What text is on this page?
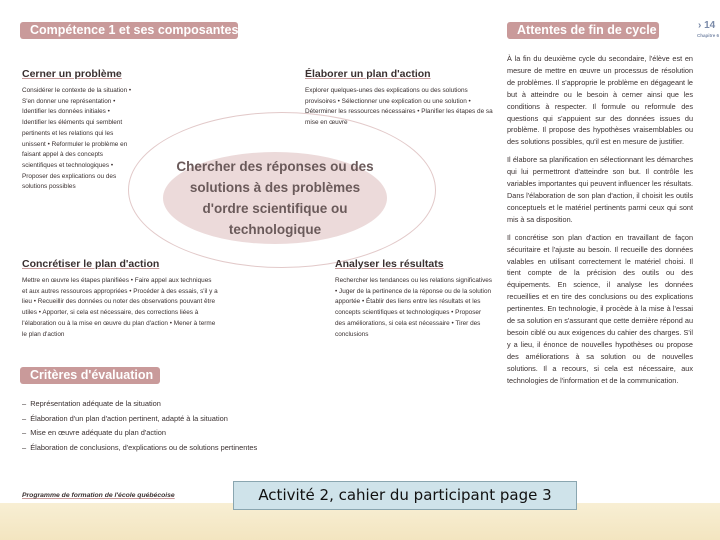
Compétence 1 et ses composantes	Attentes de fin de cycle	› 14
Chapitre 6

Chercher des réponses ou des solutions à des problèmes d'ordre scientifique ou technologique

Cerner un problème
Considérer le contexte de la situation • S'en donner une représentation • Identifier les données initiales • Identifier les éléments qui semblent pertinents et les relations qui les unissent • Reformuler le problème en faisant appel à des concepts scientifiques et technologiques • Proposer des explications ou des solutions possibles
Élaborer un plan d'action
Explorer quelques-unes des explications ou des solutions provisoires • Sélectionner une explication ou une solution • Déterminer les ressources nécessaires • Planifier les étapes de sa mise en œuvre
Concrétiser le plan d'action
Mettre en œuvre les étapes planifiées • Faire appel aux techniques et aux autres ressources appropriées • Procéder à des essais, s'il y a lieu • Recueillir des données ou noter des observations pouvant être utiles • Apporter, si cela est nécessaire, des corrections liées à l'élaboration ou à la mise en œuvre du plan d'action • Mener à terme le plan d'action
Analyser les résultats
Rechercher les tendances ou les relations significatives • Juger de la pertinence de la réponse ou de la solution apportée • Établir des liens entre les résultats et les concepts scientifiques et technologiques • Proposer des améliorations, si cela est nécessaire • Tirer des conclusions

À la fin du deuxième cycle du secondaire, l'élève est en mesure de mettre en œuvre un processus de résolution de problèmes. Il s'approprie le problème en dégageant le but à atteindre ou le besoin à cerner ainsi que les conditions à respecter. Il formule ou reformule des questions qui s'appuient sur des données issues du problème. Il propose des hypothèses vraisemblables ou des solutions possibles, qu'il est en mesure de justifier.

Il élabore sa planification en sélectionnant les démarches qui lui permettront d'atteindre son but. Il contrôle les variables importantes qui peuvent influencer les résultats. Dans l'élaboration de son plan d'action, il choisit les outils conceptuels et le matériel pertinents parmi ceux qui sont mis à sa disposition.

Il concrétise son plan d'action en travaillant de façon sécuritaire et l'ajuste au besoin. Il recueille des données valables en utilisant correctement le matériel choisi. Il tient compte de la précision des outils ou des équipements. En science, il analyse les données recueillies et en tire des conclusions ou des explications pertinentes. En technologie, il procède à la mise à l'essai de sa solution en s'assurant que cette dernière répond au besoin ciblé ou aux exigences du cahier des charges. S'il y a lieu, il énonce de nouvelles hypothèses ou propose des améliorations à sa solution ou de nouvelles solutions. Il a recours, si cela est nécessaire, aux technologies de l'information et de la communication.

Critères d'évaluation
–  Représentation adéquate de la situation
–  Élaboration d'un plan d'action pertinent, adapté à la situation
–  Mise en œuvre adéquate du plan d'action
–  Élaboration de conclusions, d'explications ou de solutions pertinentes
Programme de formation de l'école québécoise	Activité 2, cahier du participant page 3
